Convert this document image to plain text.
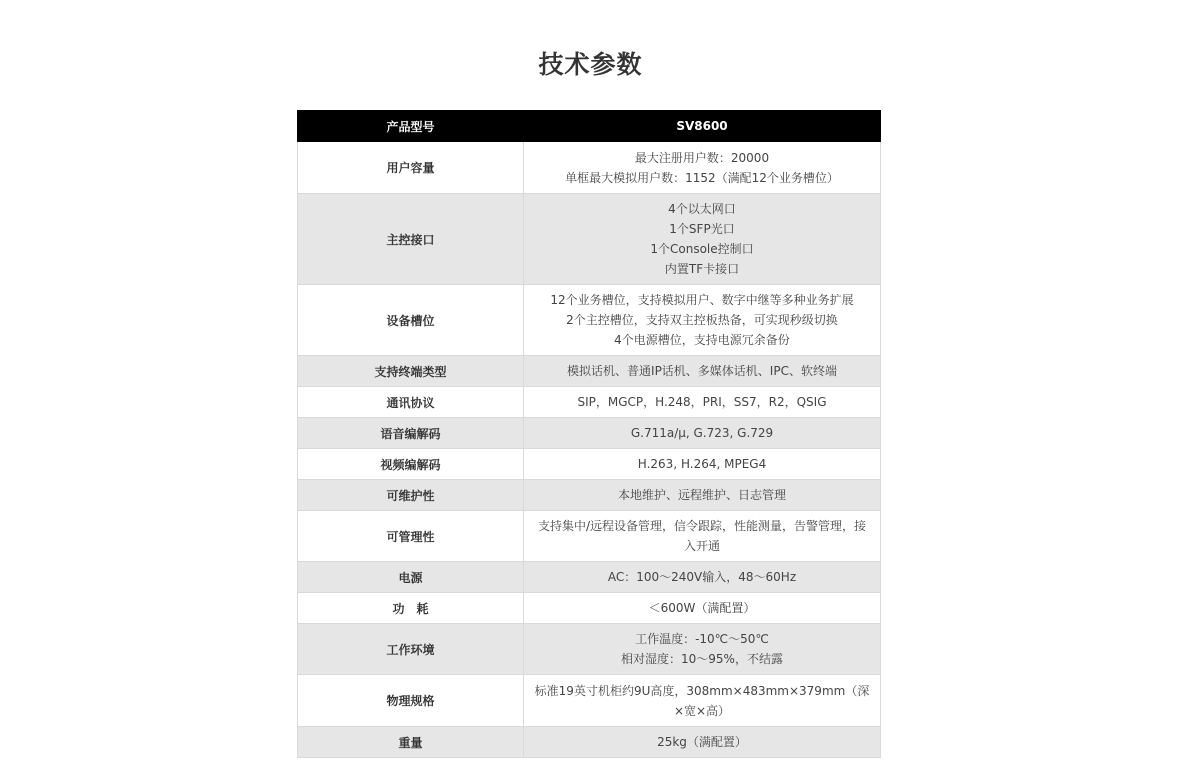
技术参数
产品型号	SV8600
用户容量	最大注册用户数：20000
单框最大模拟用户数：1152（满配12个业务槽位）

主控接口	4个以太网口
1个SFP光口
1个Console控制口
内置TF卡接口

设备槽位	12个业务槽位，支持模拟用户、数字中继等多种业务扩展
2个主控槽位，支持双主控板热备，可实现秒级切换
4个电源槽位，支持电源冗余备份

支持终端类型	模拟话机、普通IP话机、多媒体话机、IPC、软终端

通讯协议	SIP，MGCP，H.248，PRI，SS7，R2，QSIG

语音编解码	G.711a/μ, G.723, G.729

视频编解码	H.263, H.264, MPEG4

可维护性	本地维护、远程维护、日志管理

可管理性	支持集中/远程设备管理，信令跟踪，性能测量，告警管理，接入开通

电源	AC：100～240V输入，48～60Hz

功　耗	＜600W（满配置）

工作环境	工作温度：-10℃～50℃
相对湿度：10～95%，不结露

物理规格	标准19英寸机柜约9U高度，308mm×483mm×379mm（深×宽×高）

重量	25kg（满配置）
